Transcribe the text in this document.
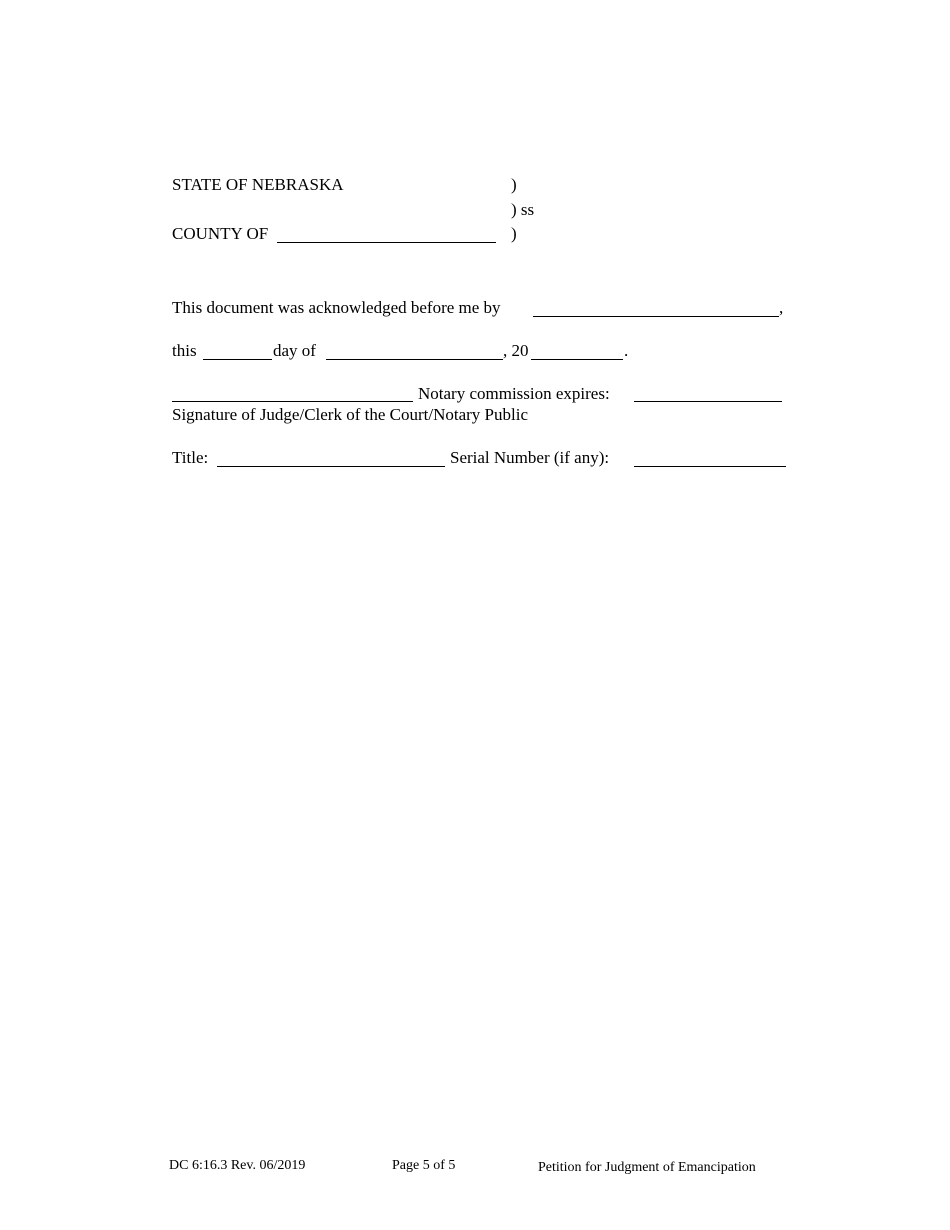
STATE OF NEBRASKA	)
) ss
COUNTY OF	)
This document was acknowledged before me by	,
this	day of	, 20	.
Notary commission expires:
Signature of Judge/Clerk of the Court/Notary Public
Title:	Serial Number (if any):
DC 6:16.3 Rev. 06/2019	Page 5 of 5	Petition for Judgment of Emancipation
